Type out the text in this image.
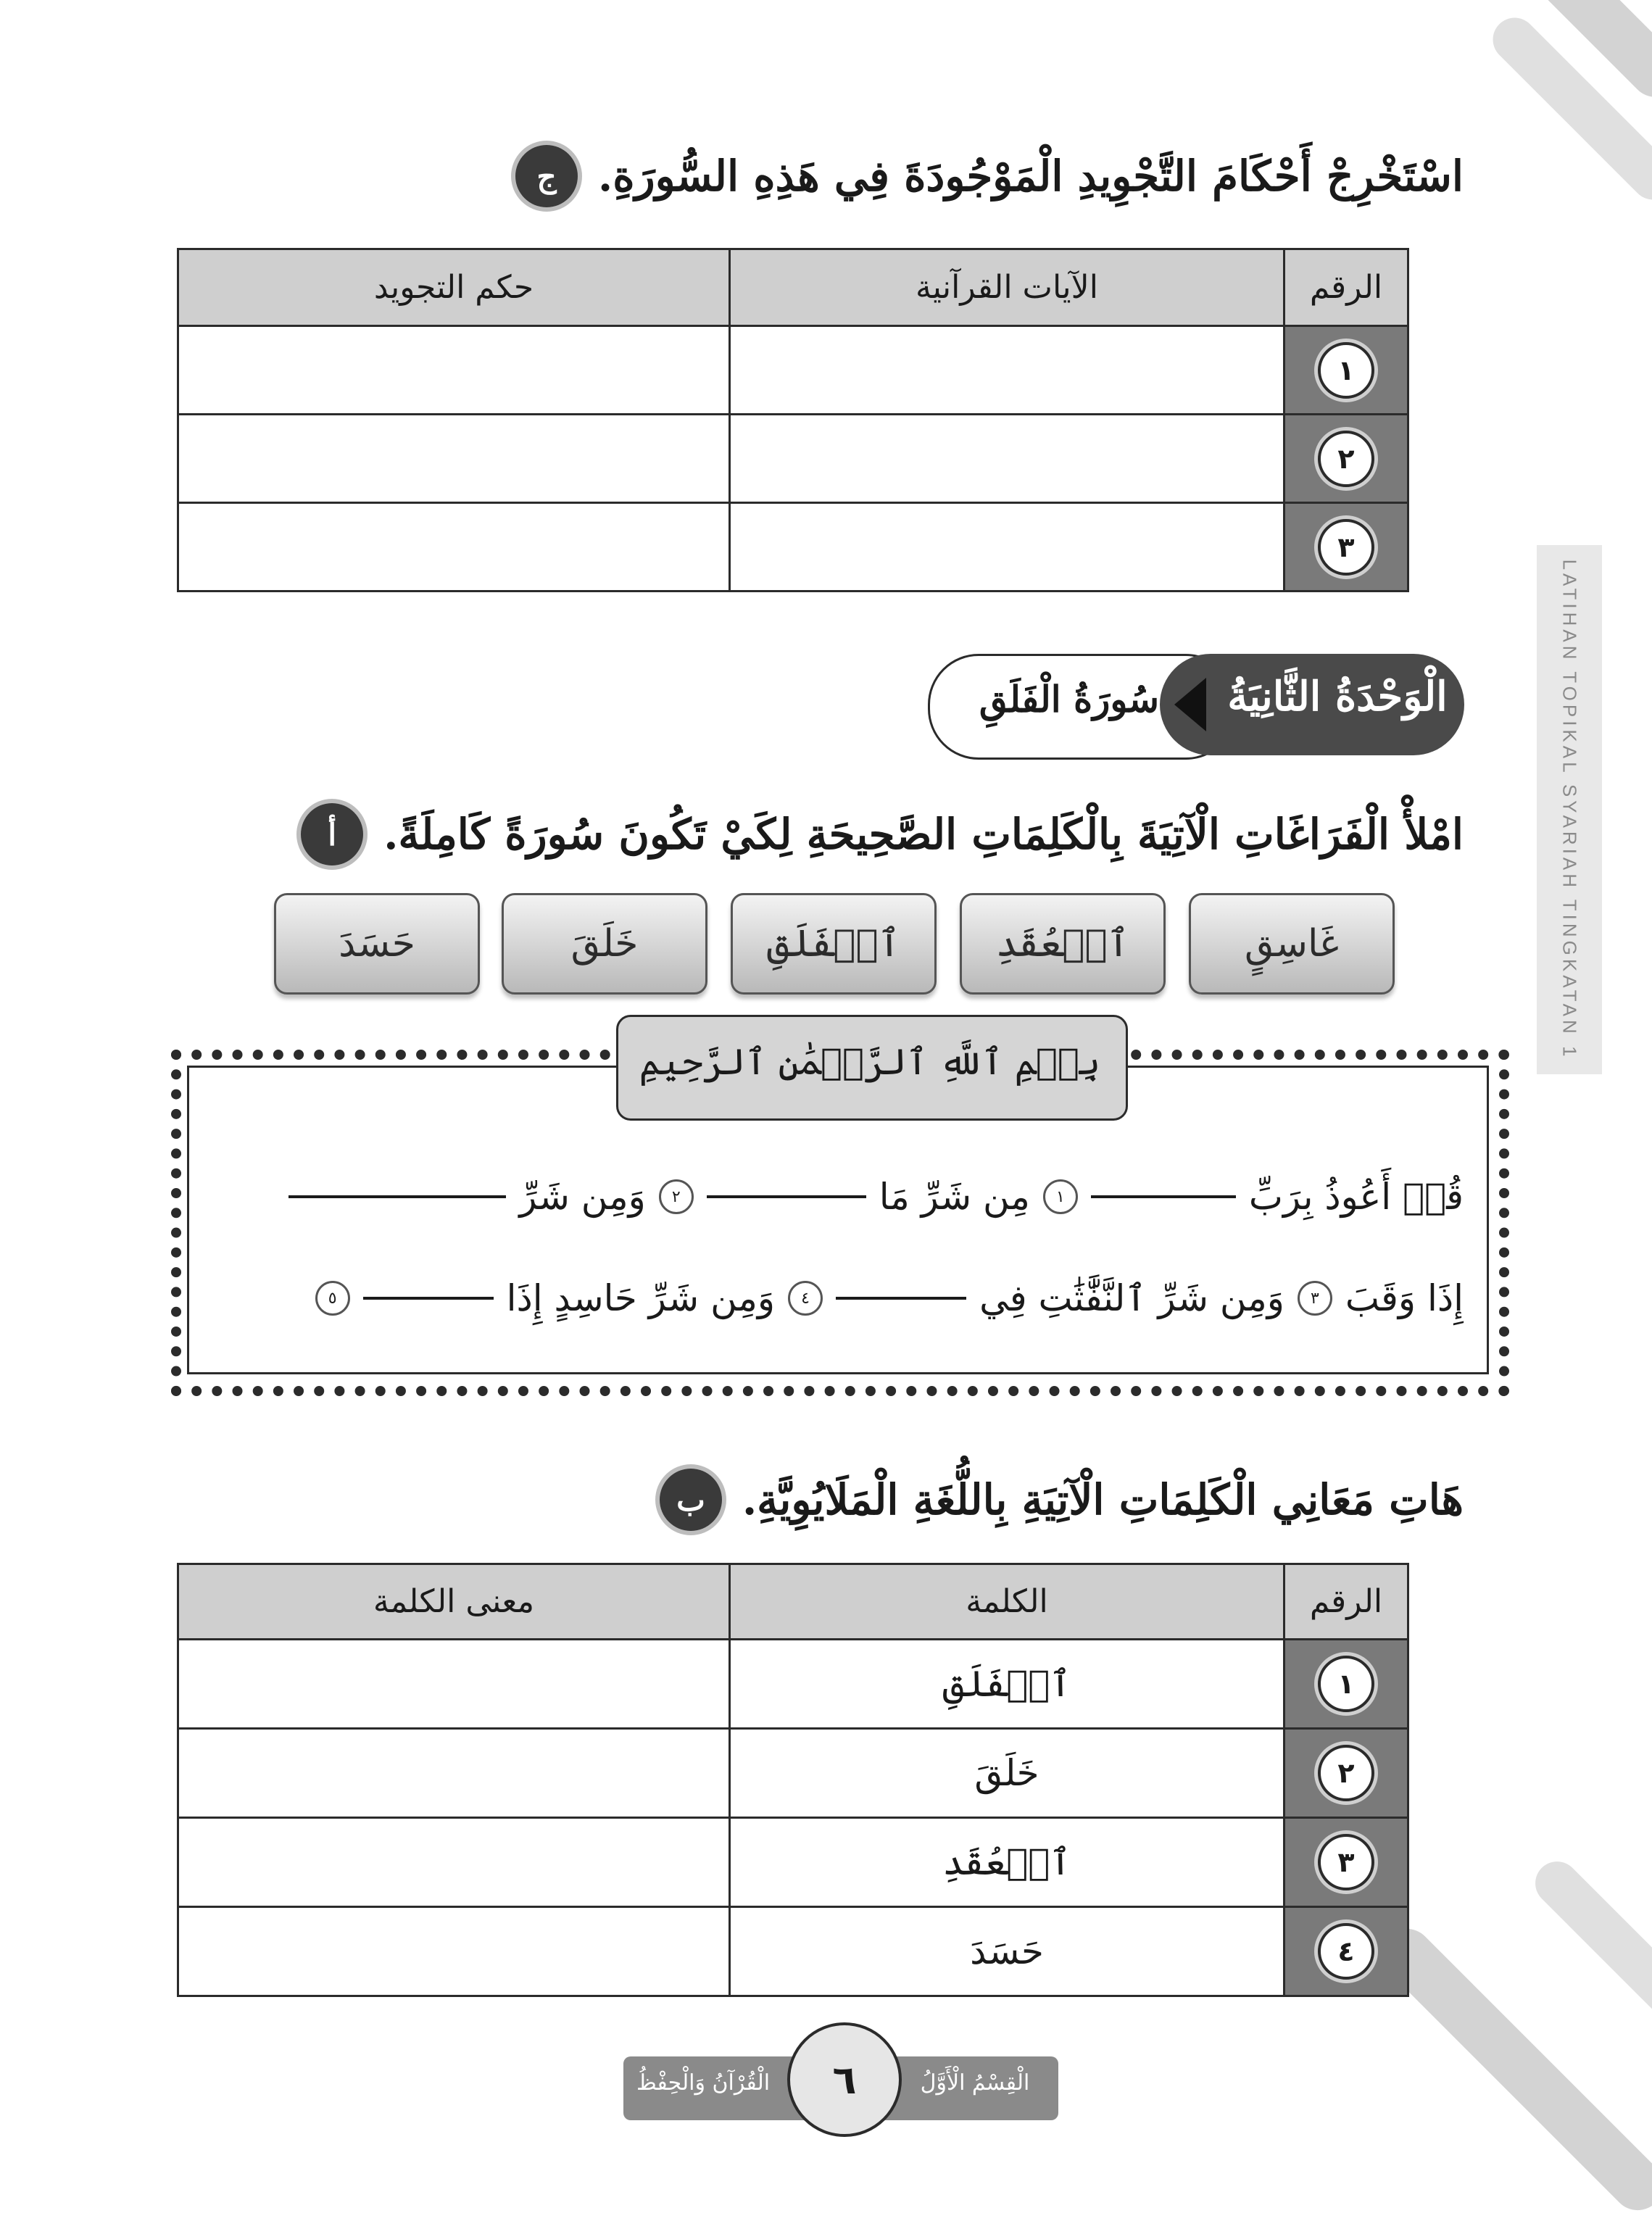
ج اسْتَخْرِجْ أَحْكَامَ التَّجْوِيدِ الْمَوْجُودَةَ فِي هَذِهِ السُّورَةِ.
الرقم	الآيات القرآنية	حكم التجويد

١		

٢		

٣		

LATIHAN TOPIKAL SYARIAH TINGKATAN 1
سُورَةُ الْفَلَقِ	الْوَحْدَةُ الثَّانِيَةُ
أ	امْلأْ الْفَرَاغَاتِ الْآتِيَةَ بِالْكَلِمَاتِ الصَّحِيحَةِ لِكَيْ تَكُونَ سُورَةً كَامِلَةً.
غَاسِقٍ
ٱلۡعُقَدِ
ٱلۡفَلَقِ
خَلَقَ
حَسَدَ
بِسۡمِ ٱللَّهِ ٱلرَّحۡمَٰنِ ٱلرَّحِيمِ
قُلۡ أَعُوذُ بِرَبِّ
١
مِن شَرِّ مَا
٢
وَمِن شَرِّ
إِذَا وَقَبَ
٣
وَمِن شَرِّ ٱلنَّفَّٰثَٰتِ فِي
٤
وَمِن شَرِّ حَاسِدٍ إِذَا
٥
ب هَاتِ مَعَانِي الْكَلِمَاتِ الْآتِيَةِ بِاللُّغَةِ الْمَلَايُوِيَّةِ.
الرقم	الكلمة	معنى الكلمة

١	ٱلۡفَلَقِ	

٢	خَلَقَ	

٣	ٱلۡعُقَدِ	

٤	حَسَدَ	
الْقِسْمُ الْأَوَّلُ
الْقُرْآنُ وَالْحِفْظُ	٦
